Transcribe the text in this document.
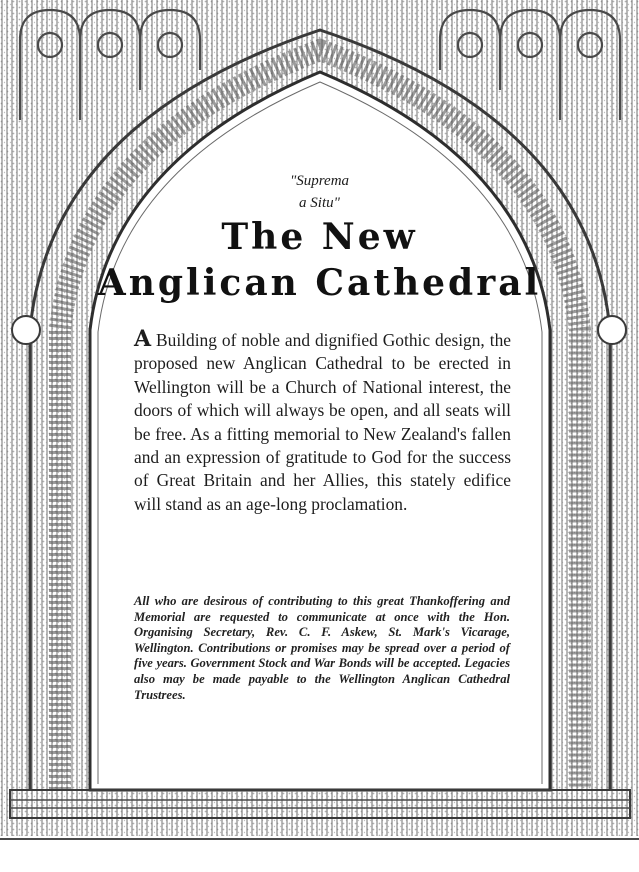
"Suprema
a Situ"
The New
Anglican Cathedral
A Building of noble and dignified Gothic design, the proposed new Anglican Cathedral to be erected in Wellington will be a Church of National interest, the doors of which will always be open, and all seats will be free. As a fitting memorial to New Zealand's fallen and an expression of gratitude to God for the success of Great Britain and her Allies, this stately edifice will stand as an age-long proclamation.
All who are desirous of contributing to this great Thankoffering and Memorial are requested to communicate at once with the Hon. Organising Secretary, Rev. C. F. Askew, St. Mark's Vicarage, Wellington. Contributions or promises may be spread over a period of five years. Government Stock and War Bonds will be accepted. Legacies also may be made payable to the Wellington Anglican Cathedral Trustrees.
